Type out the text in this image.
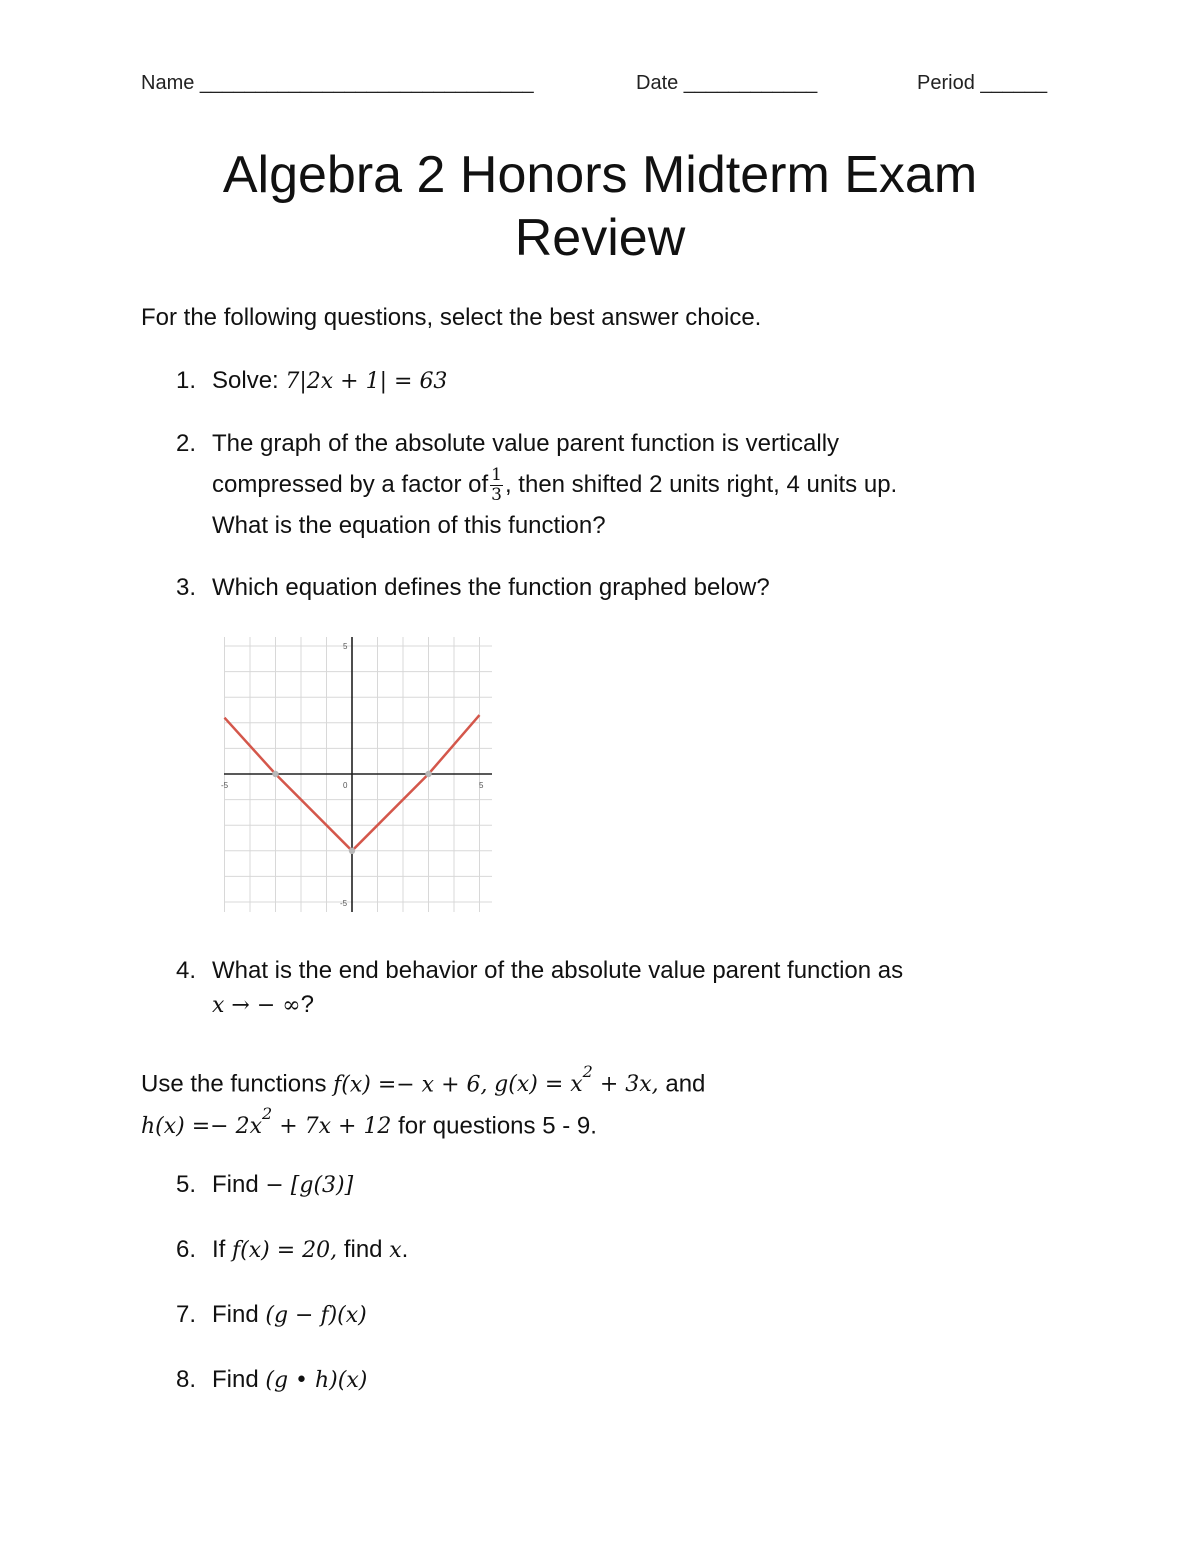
Name ______________________________	Date ____________	Period ______
Algebra 2 Honors Midterm Exam
Review
For the following questions, select the best answer choice.
1. Solve: 7|2x + 1| = 63
2. The graph of the absolute value parent function is vertically
compressed by a factor of $\frac{1}{3}$ , then shifted 2 units right, 4 units up.
What is the equation of this function?
3. Which equation defines the function graphed below?
-5	0	5
5
-5
4. What is the end behavior of the absolute value parent function as
x → − ∞?
Use the functions f(x) =− x + 6, $g(x) = x^2 + 3x$, and
$h(x) =- 2x^2 + 7x + 12$ for questions 5 - 9.
5. Find − [g(3)]
6. If f(x) = 20, find x.
7. Find (g − f)(x)
8. Find (g • h)(x)
